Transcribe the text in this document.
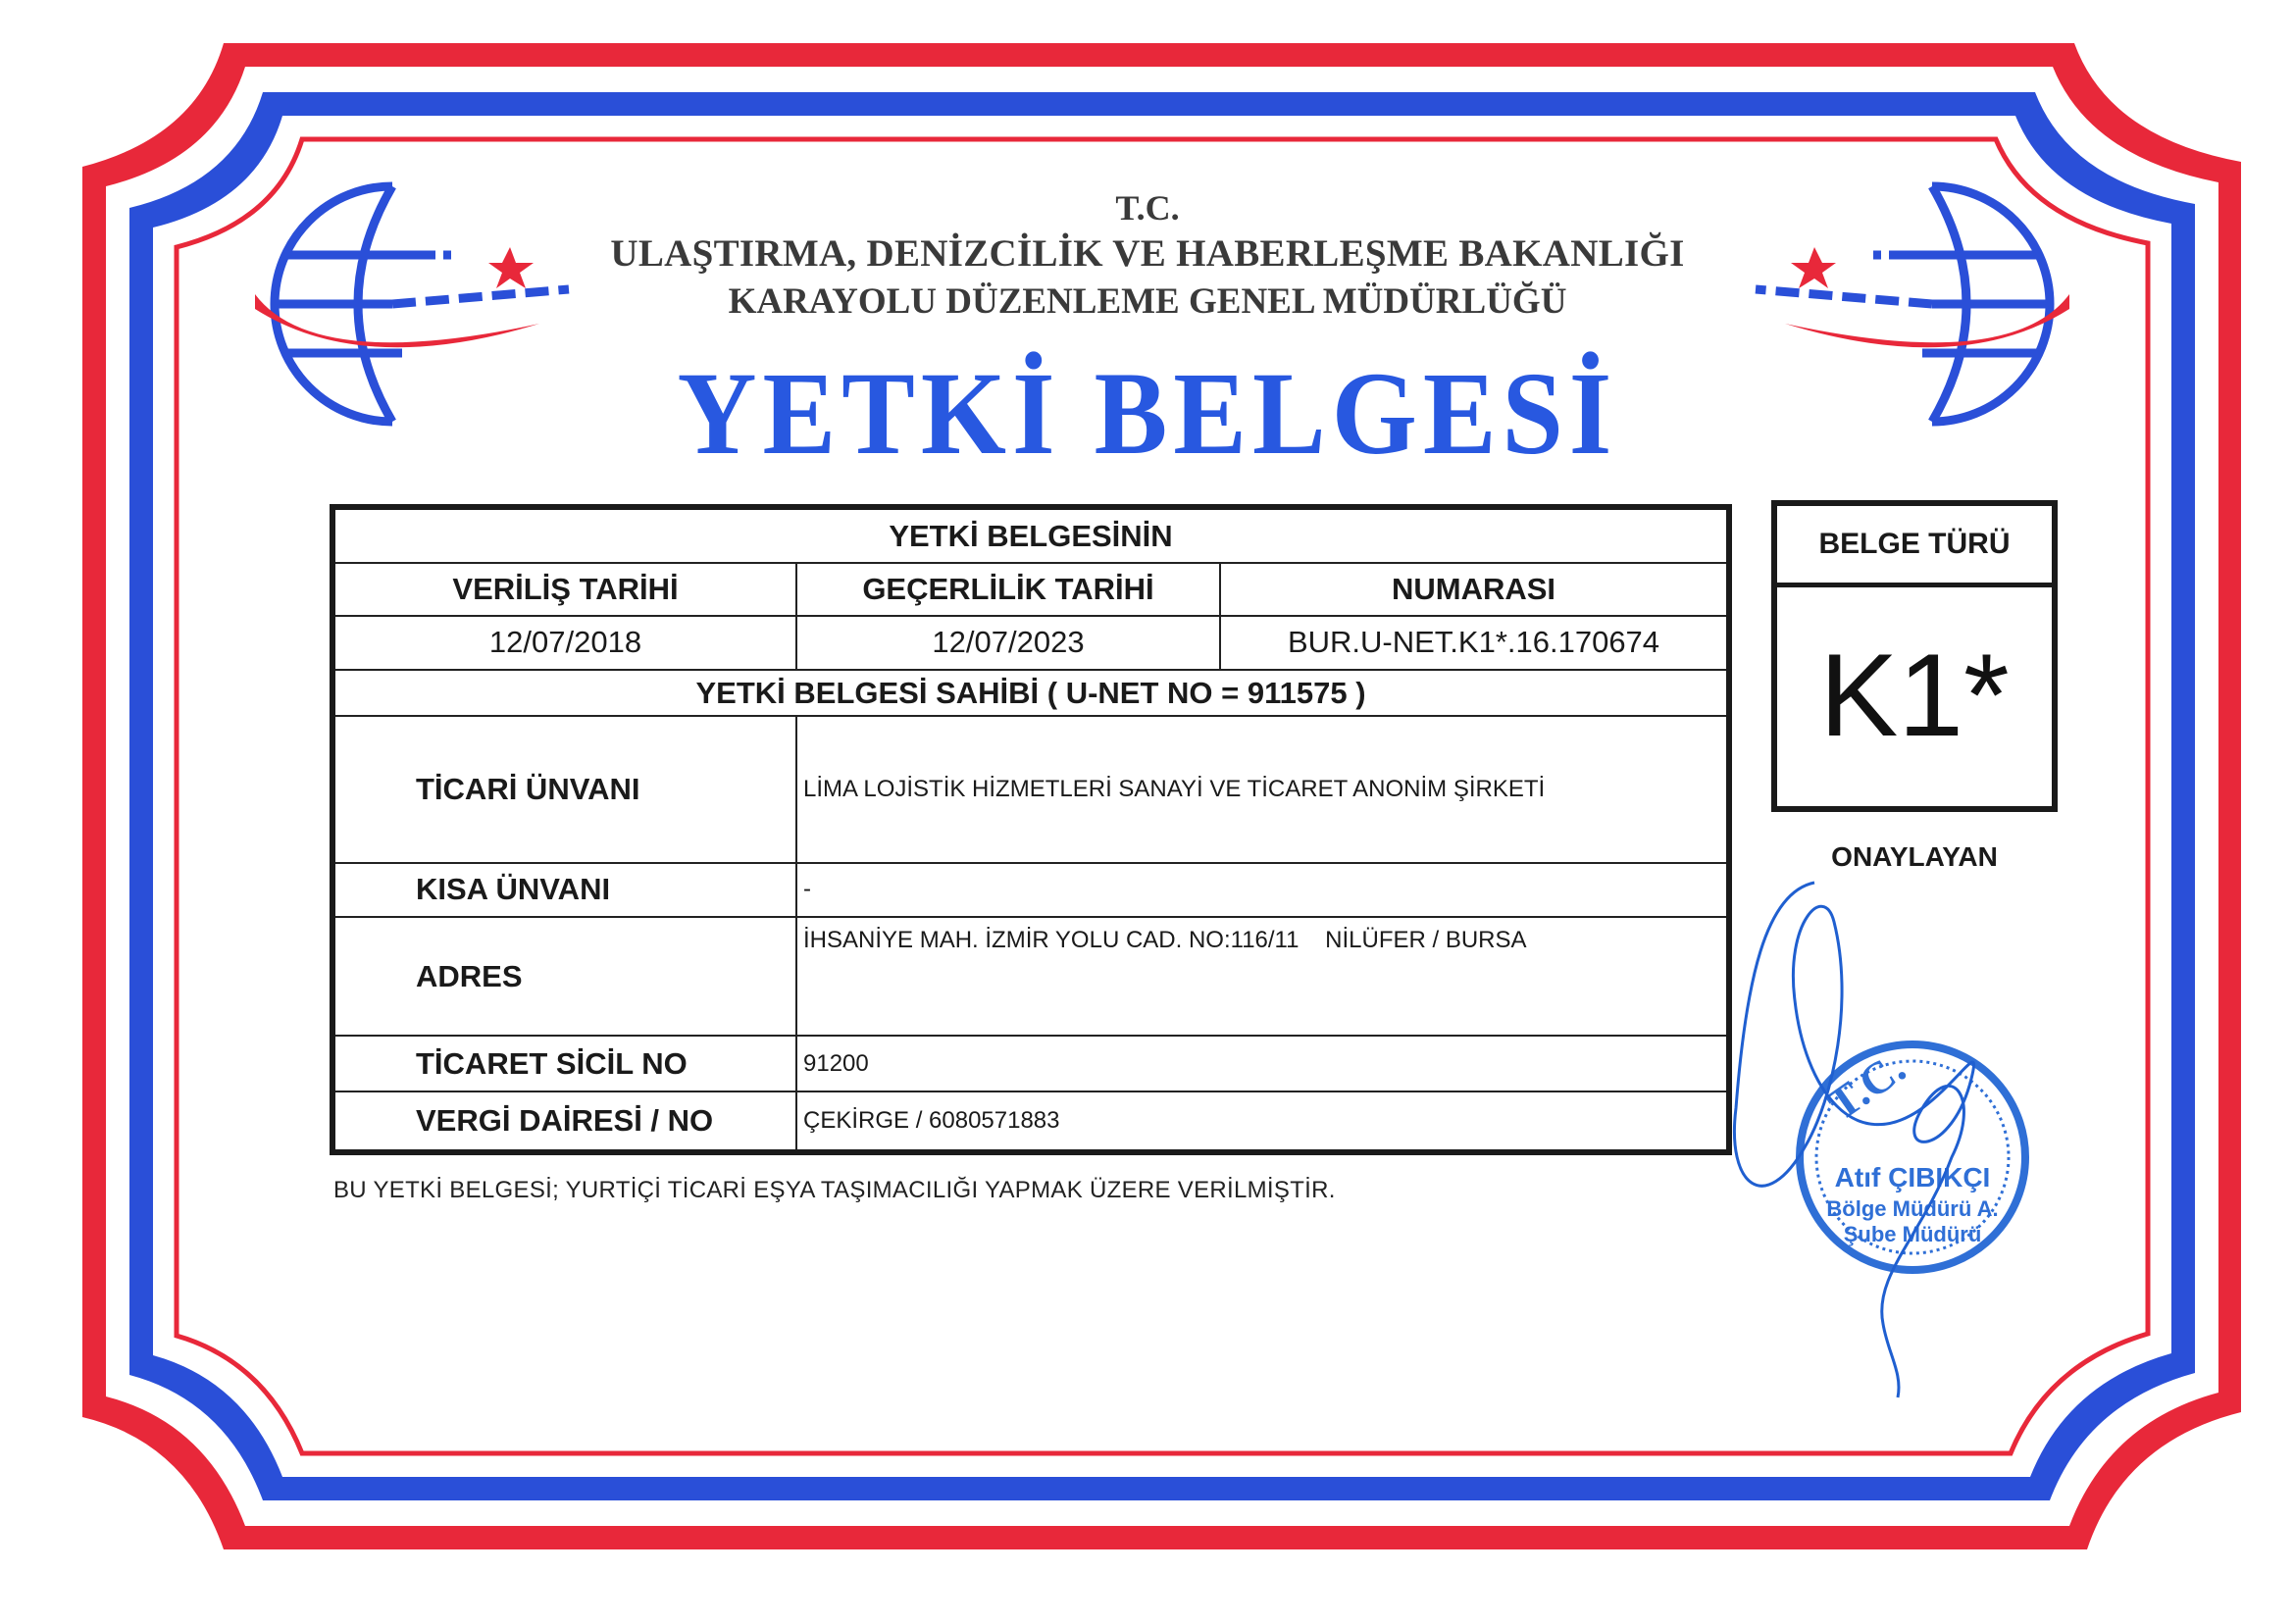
T.C.
ULAŞTIRMA, DENİZCİLİK VE HABERLEŞME BAKANLIĞI
KARAYOLU DÜZENLEME GENEL MÜDÜRLÜĞÜ
YETKİ BELGESİ
YETKİ BELGESİNİN		
VERİLİŞ TARİHİ	GEÇERLİLİK TARİHİ	NUMARASI
12/07/2018	12/07/2023	BUR.U-NET.K1*.16.170674
YETKİ BELGESİ SAHİBİ ( U-NET NO = 911575 )		
TİCARİ ÜNVANI	LİMA LOJİSTİK HİZMETLERİ SANAYİ VE TİCARET ANONİM ŞİRKETİ	
KISA ÜNVANI	-	
ADRES	İHSANİYE MAH. İZMİR YOLU CAD. NO:116/11    NİLÜFER / BURSA	

TİCARET SİCİL NO	91200	
VERGİ DAİRESİ / NO	ÇEKİRGE / 6080571883	
BU YETKİ BELGESİ; YURTİÇİ TİCARİ EŞYA TAŞIMACILIĞI YAPMAK ÜZERE VERİLMİŞTİR.
BELGE TÜRÜ
K1*
ONAYLAYAN
T.C.
Atıf ÇIBIKÇI
Bölge Müdürü A.
Şube Müdürü
